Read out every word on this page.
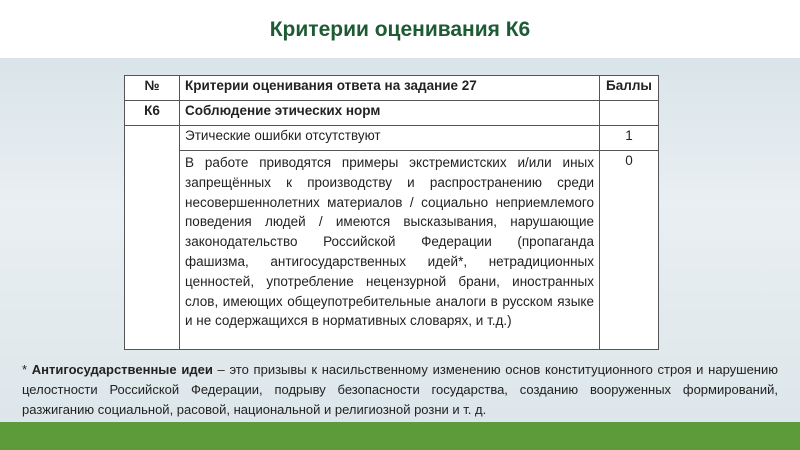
Критерии оценивания К6
№	Критерии оценивания ответа на задание 27	Баллы
К6	Соблюдение этических норм	
	Этические ошибки отсутствуют	1
	В работе приводятся примеры экстремистских и/или иных запрещённых к производству и распространению среди несовершеннолетних материалов / социально неприемлемого поведения людей / имеются высказывания, нарушающие законодательство Российской Федерации (пропаганда фашизма, антигосударственных идей*, нетрадиционных ценностей, употребление нецензурной брани, иностранных слов, имеющих общеупотребительные аналоги в русском языке и не содержащихся в нормативных словарях, и т.д.)	0
* Антигосударственные идеи – это призывы к насильственному изменению основ конституционного строя и нарушению целостности Российской Федерации, подрыву безопасности государства, созданию вооруженных формирований, разжиганию социальной, расовой, национальной и религиозной розни и т. д.
